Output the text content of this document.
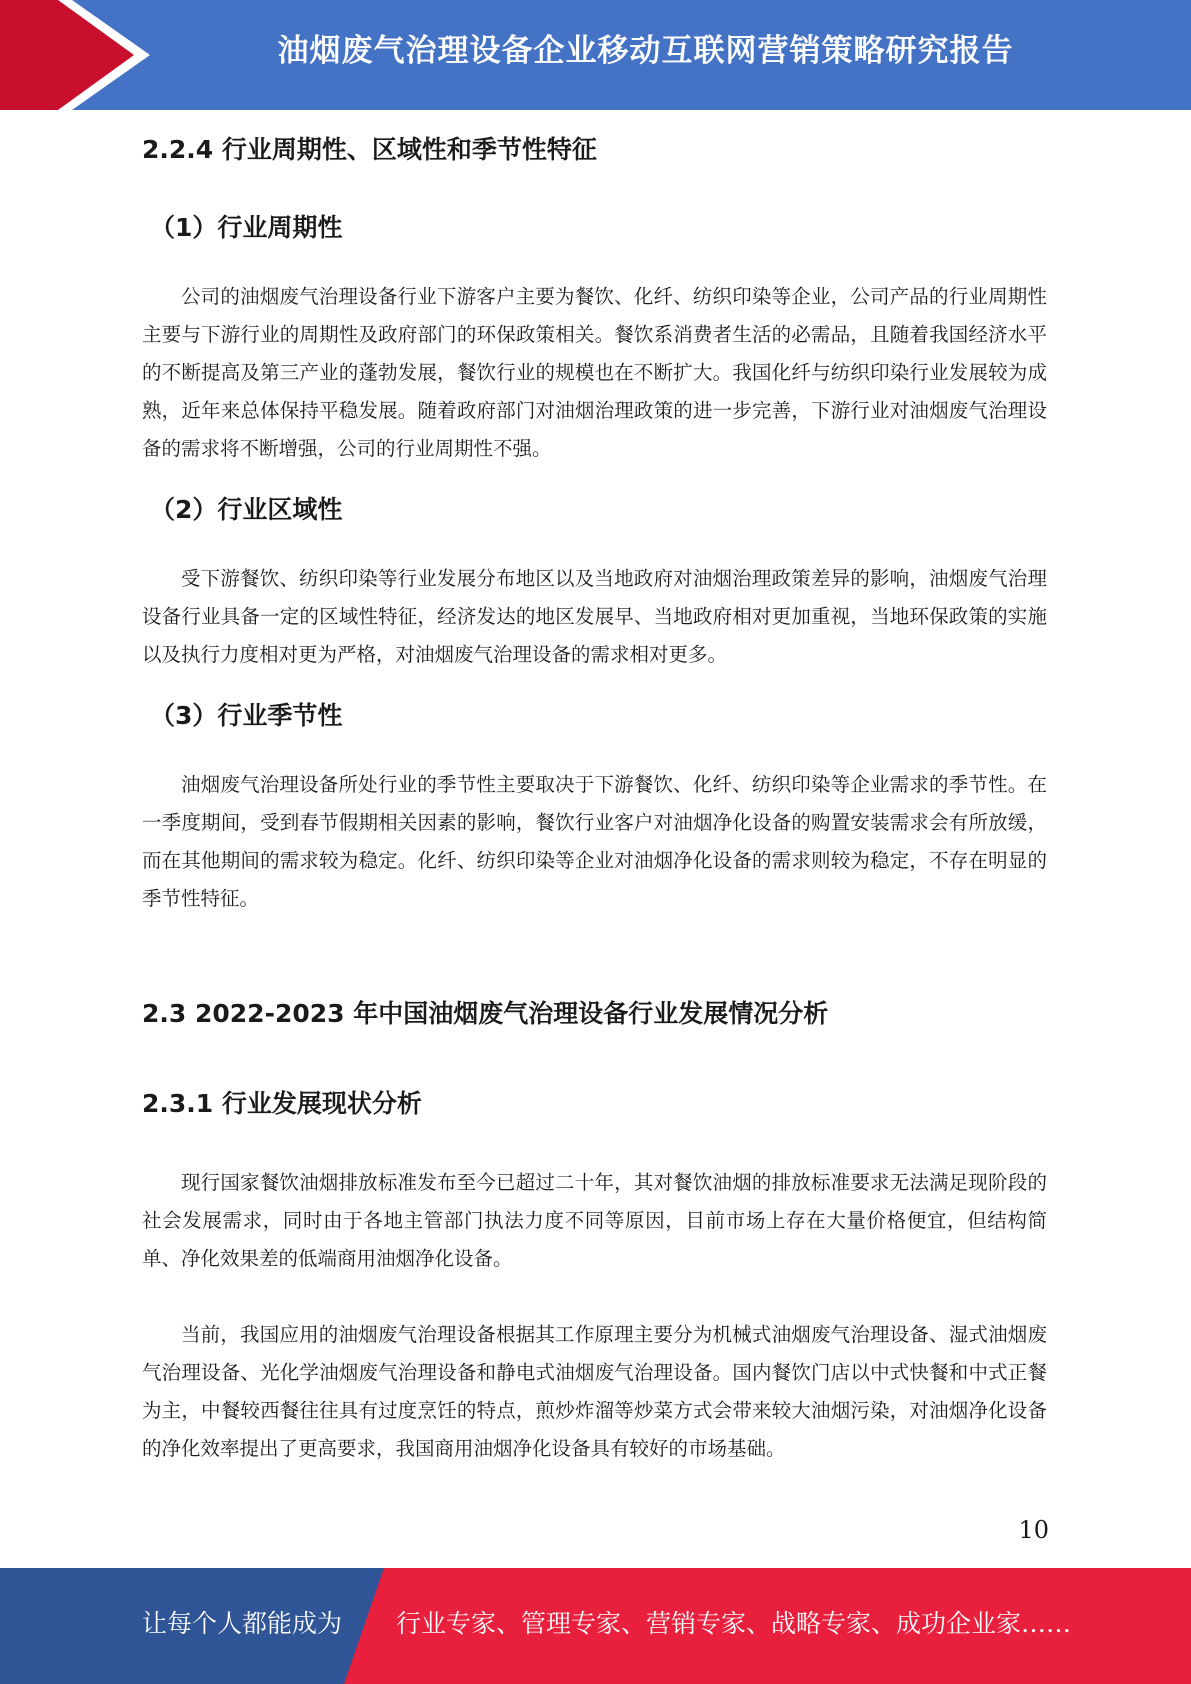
油烟废气治理设备企业移动互联网营销策略研究报告
2.2.4 行业周期性、区域性和季节性特征
（1）行业周期性

公司的油烟废气治理设备行业下游客户主要为餐饮、化纤、纺织印染等企业，公司产品的行业周期性主要与下游行业的周期性及政府部门的环保政策相关。餐饮系消费者生活的必需品，且随着我国经济水平的不断提高及第三产业的蓬勃发展，餐饮行业的规模也在不断扩大。我国化纤与纺织印染行业发展较为成熟，近年来总体保持平稳发展。随着政府部门对油烟治理政策的进一步完善，下游行业对油烟废气治理设备的需求将不断增强，公司的行业周期性不强。

（2）行业区域性

受下游餐饮、纺织印染等行业发展分布地区以及当地政府对油烟治理政策差异的影响，油烟废气治理设备行业具备一定的区域性特征，经济发达的地区发展早、当地政府相对更加重视，当地环保政策的实施以及执行力度相对更为严格，对油烟废气治理设备的需求相对更多。

（3）行业季节性

油烟废气治理设备所处行业的季节性主要取决于下游餐饮、化纤、纺织印染等企业需求的季节性。在一季度期间，受到春节假期相关因素的影响，餐饮行业客户对油烟净化设备的购置安装需求会有所放缓，而在其他期间的需求较为稳定。化纤、纺织印染等企业对油烟净化设备的需求则较为稳定，不存在明显的季节性特征。

2.3 2022-2023 年中国油烟废气治理设备行业发展情况分析
2.3.1 行业发展现状分析

现行国家餐饮油烟排放标准发布至今已超过二十年，其对餐饮油烟的排放标准要求无法满足现阶段的社会发展需求，同时由于各地主管部门执法力度不同等原因，目前市场上存在大量价格便宜，但结构简单、净化效果差的低端商用油烟净化设备。

当前，我国应用的油烟废气治理设备根据其工作原理主要分为机械式油烟废气治理设备、湿式油烟废气治理设备、光化学油烟废气治理设备和静电式油烟废气治理设备。国内餐饮门店以中式快餐和中式正餐为主，中餐较西餐往往具有过度烹饪的特点，煎炒炸溜等炒菜方式会带来较大油烟污染，对油烟净化设备的净化效率提出了更高要求，我国商用油烟净化设备具有较好的市场基础。

10
让每个人都能成为 行业专家、管理专家、营销专家、战略专家、成功企业家……
